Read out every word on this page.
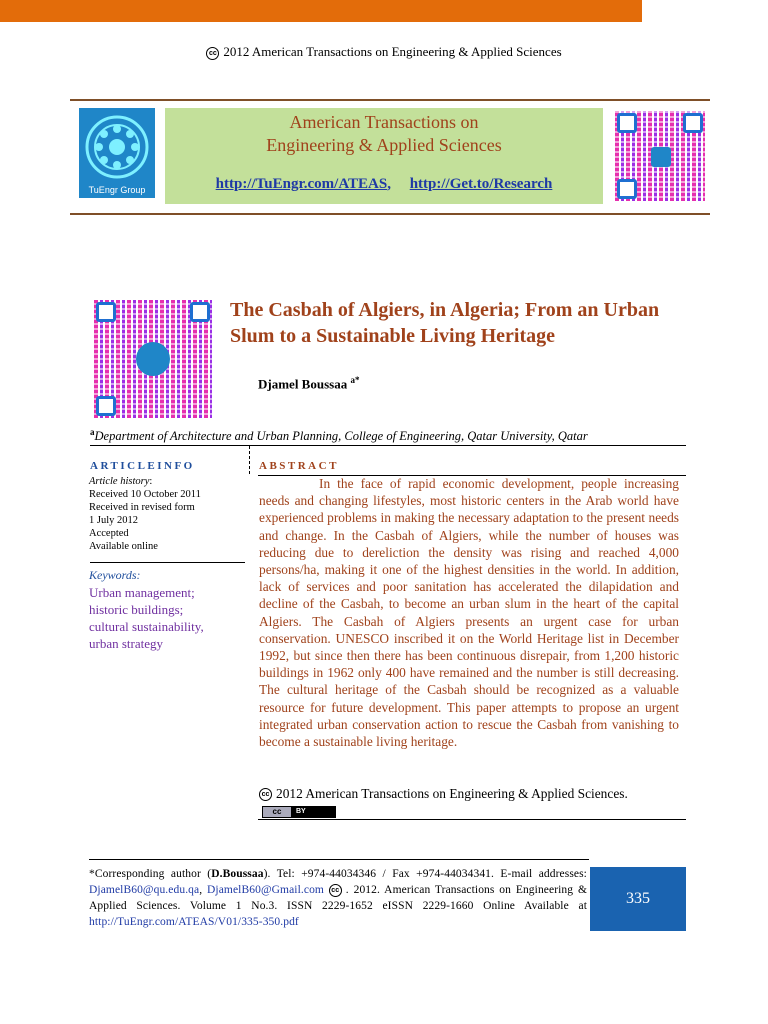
cc 2012 American Transactions on Engineering & Applied Sciences
TuEngr Group
American Transactions on
Engineering & Applied Sciences
http://TuEngr.com/ATEAS, http://Get.to/Research
The Casbah of Algiers, in Algeria; From an Urban Slum to a Sustainable Living Heritage
Djamel Boussaa $^{a*}$
$^a$Department of Architecture and Urban Planning, College of Engineering, Qatar University, Qatar
ARTICLEINFO	ABSTRACT
Article history:
Received 10 October 2011
Received in revised form
1 July 2012
Accepted
Available online
Keywords:
Urban management;
historic buildings;
cultural sustainability,
urban strategy
In the face of rapid economic development, people increasing needs and changing lifestyles, most historic centers in the Arab world have experienced problems in making the necessary adaptation to the present needs and change. In the Casbah of Algiers, while the number of houses was reducing due to dereliction the density was rising and reached 4,000 persons/ha, making it one of the highest densities in the world. In addition, lack of services and poor sanitation has accelerated the dilapidation and decline of the Casbah, to become an urban slum in the heart of the capital Algiers. The Casbah of Algiers presents an urgent case for urban conservation. UNESCO inscribed it on the World Heritage list in December 1992, but since then there has been continuous disrepair, from 1,200 historic buildings in 1962 only 400 have remained and the number is still decreasing. The cultural heritage of the Casbah should be recognized as a valuable resource for future development. This paper attempts to propose an urgent integrated urban conservation action to rescue the Casbah from vanishing to become a sustainable living heritage.
cc 2012 American Transactions on Engineering & Applied Sciences.
cc	BY
*Corresponding author (D.Boussaa). Tel: +974-44034346 / Fax +974-44034341. E-mail addresses: DjamelB60@qu.edu.qa, DjamelB60@Gmail.com cc . 2012. American Transactions on Engineering & Applied Sciences. Volume 1 No.3. ISSN 2229-1652 eISSN 2229-1660 Online Available at http://TuEngr.com/ATEAS/V01/335-350.pdf
335
